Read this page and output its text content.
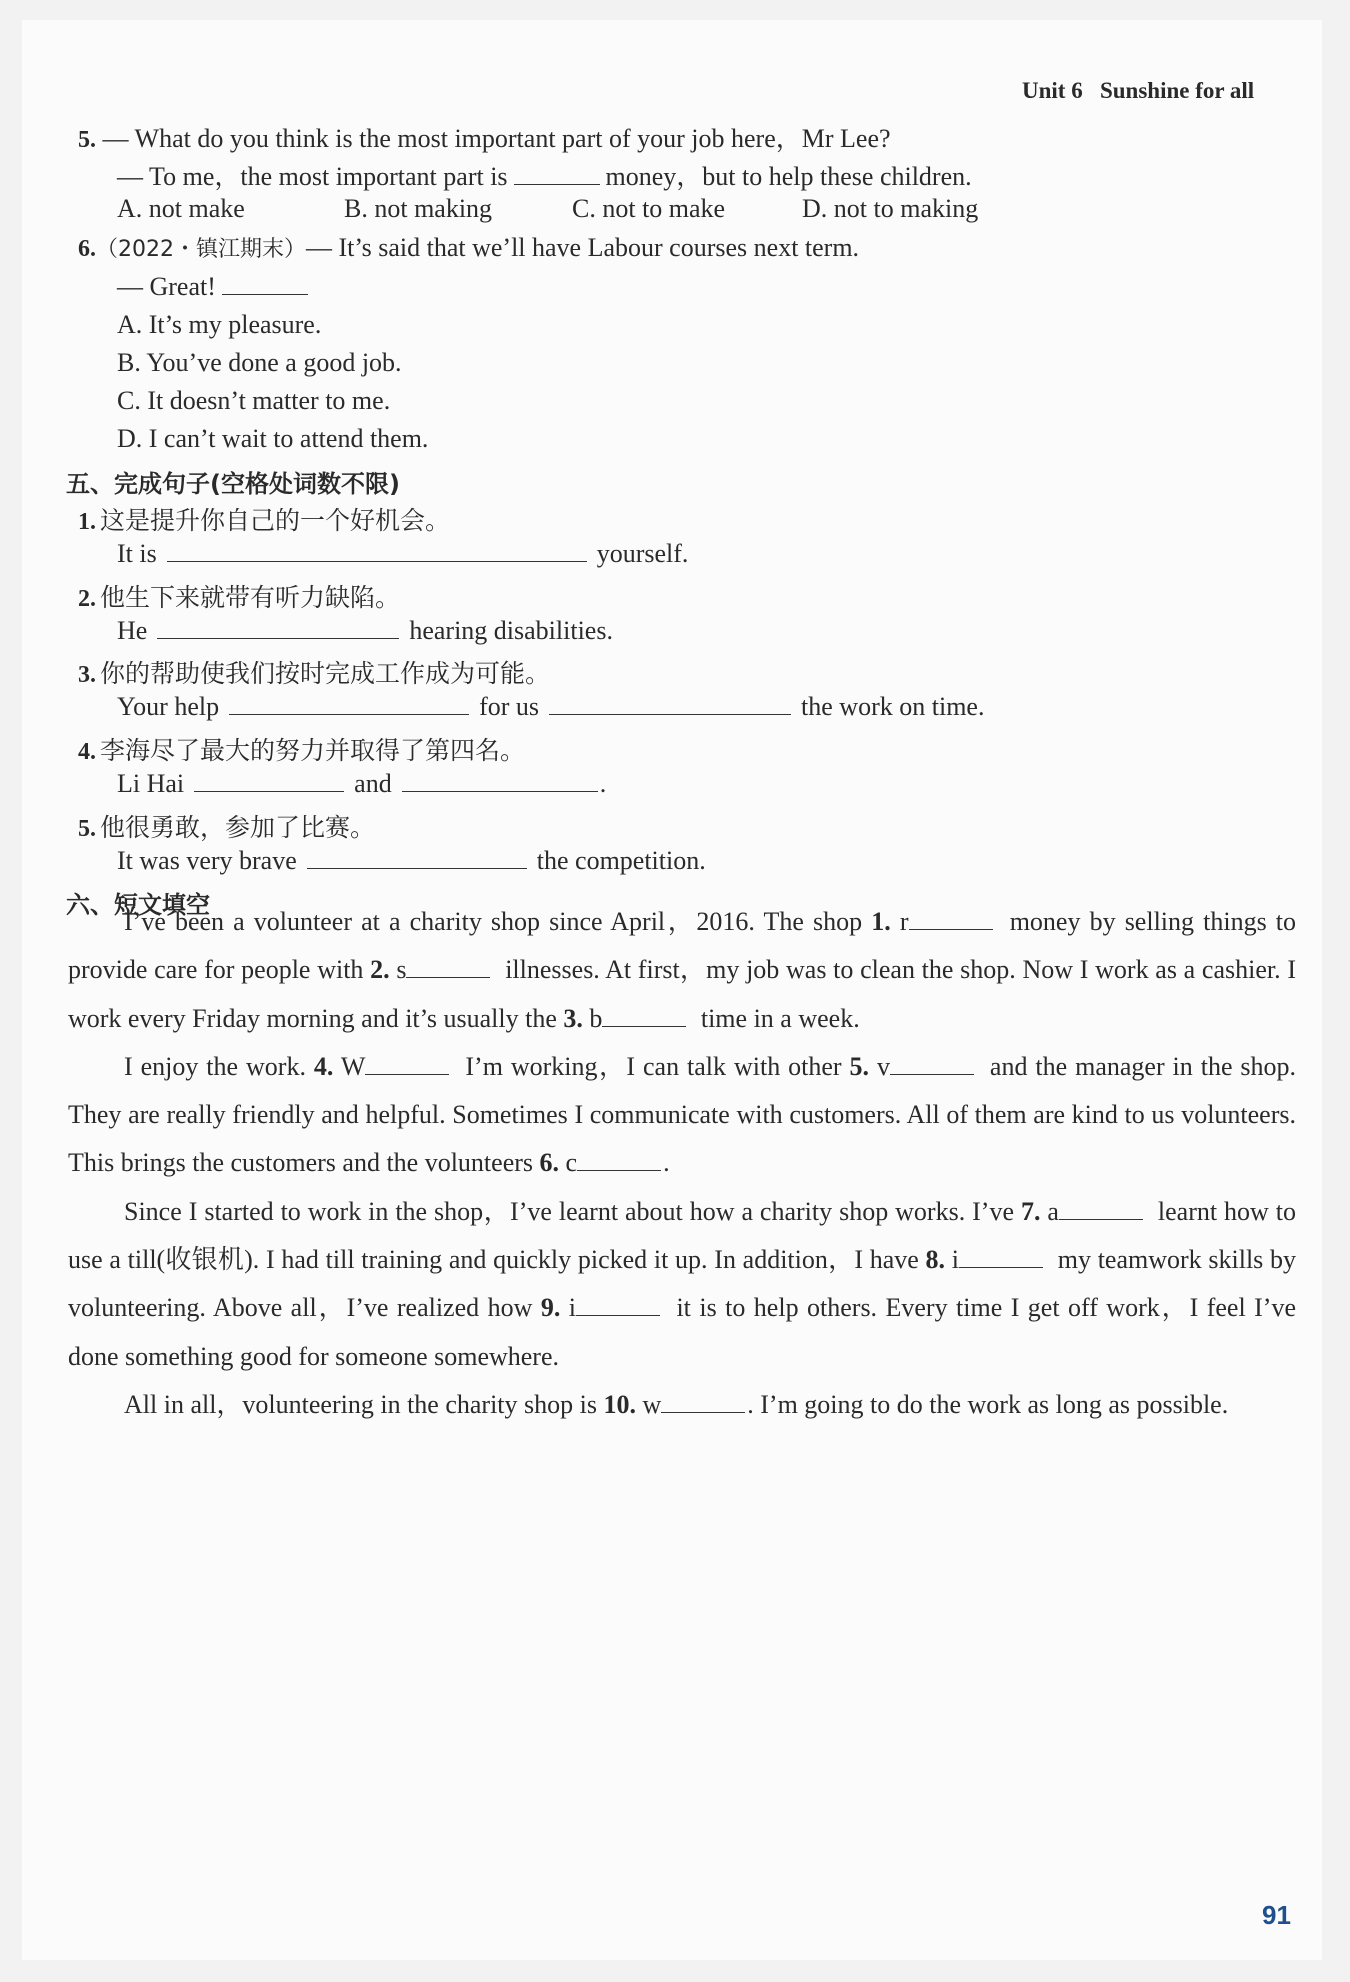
Unit 6 Sunshine for all
5. — What do you think is the most important part of your job here，Mr Lee?
— To me，the most important part is	money，but to help these children.
A. not make	B. not making	C. not to make	D. not to making
6.（2022・镇江期末）— It’s said that we’ll have Labour courses next term.
— Great!
A. It’s my pleasure.
B. You’ve done a good job.
C. It doesn’t matter to me.
D. I can’t wait to attend them.
五、完成句子(空格处词数不限)
1. 这是提升你自己的一个好机会。
It is	yourself.
2. 他生下来就带有听力缺陷。
He	hearing disabilities.
3. 你的帮助使我们按时完成工作成为可能。
Your help	for us	the work on time.
4. 李海尽了最大的努力并取得了第四名。
Li Hai	and	.
5. 他很勇敢，参加了比赛。
It was very brave	the competition.
六、短文填空
I’ve been a volunteer at a charity shop since April，2016. The shop 1. r	money by selling things to provide care for people with 2. s	illnesses. At first，my job was to clean the shop. Now I work as a cashier. I work every Friday morning and it’s usually the 3. b	time in a week.
I enjoy the work. 4. W	I’m working，I can talk with other 5. v	and the manager in the shop. They are really friendly and helpful. Sometimes I communicate with customers. All of them are kind to us volunteers. This brings the customers and the volunteers 6. c	.
Since I started to work in the shop，I’ve learnt about how a charity shop works. I’ve 7. a	learnt how to use a till(收银机). I had till training and quickly picked it up. In addition，I have 8. i	my teamwork skills by volunteering. Above all，I’ve realized how 9. i	it is to help others. Every time I get off work，I feel I’ve done something good for someone somewhere.
All in all，volunteering in the charity shop is 10. w	. I’m going to do the work as long as possible.
91
